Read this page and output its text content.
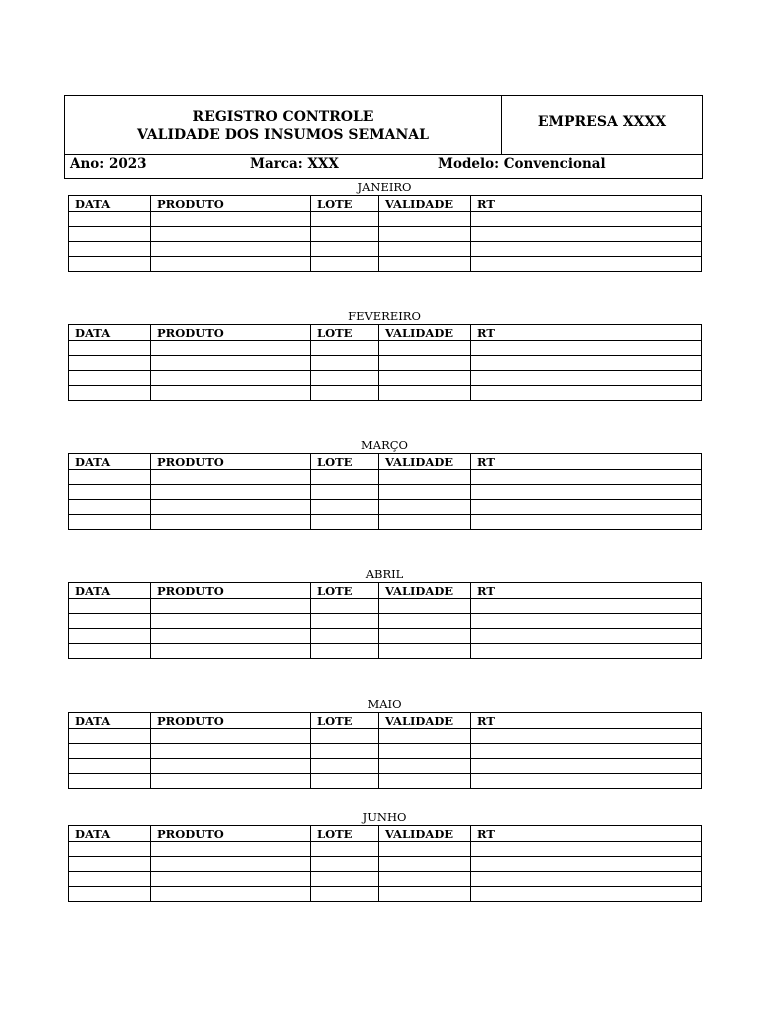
REGISTRO CONTROLE
VALIDADE DOS INSUMOS SEMANAL
EMPRESA XXXX
Ano: 2023	Marca: XXX	Modelo: Convencional
JANEIRO
DATA	PRODUTO	LOTE	VALIDADE	RT

FEVEREIRO
DATA	PRODUTO	LOTE	VALIDADE	RT

MARÇO
DATA	PRODUTO	LOTE	VALIDADE	RT

ABRIL
DATA	PRODUTO	LOTE	VALIDADE	RT

MAIO
DATA	PRODUTO	LOTE	VALIDADE	RT

JUNHO
DATA	PRODUTO	LOTE	VALIDADE	RT
